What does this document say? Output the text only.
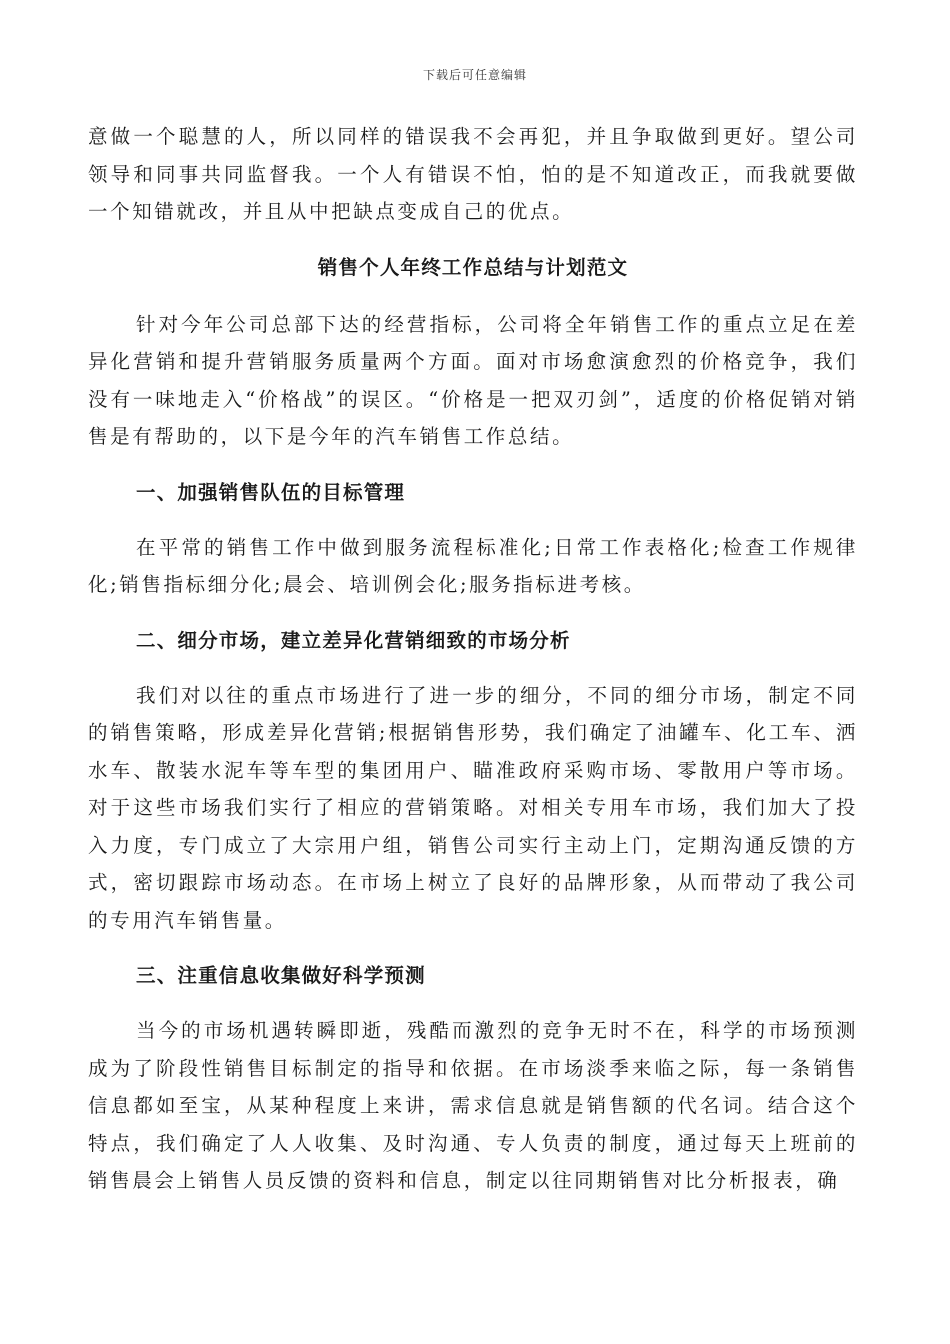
下载后可任意编辑

意做一个聪慧的人，所以同样的错误我不会再犯，并且争取做到更好。望公司领导和同事共同监督我。一个人有错误不怕，怕的是不知道改正，而我就要做一个知错就改，并且从中把缺点变成自己的优点。

销售个人年终工作总结与计划范文

针对今年公司总部下达的经营指标，公司将全年销售工作的重点立足在差异化营销和提升营销服务质量两个方面。面对市场愈演愈烈的价格竞争，我们没有一味地走入“价格战”的误区。“价格是一把双刃剑”，适度的价格促销对销售是有帮助的，以下是今年的汽车销售工作总结。

一、加强销售队伍的目标管理

在平常的销售工作中做到服务流程标准化;日常工作表格化;检查工作规律化;销售指标细分化;晨会、培训例会化;服务指标进考核。

二、细分市场，建立差异化营销细致的市场分析

我们对以往的重点市场进行了进一步的细分，不同的细分市场，制定不同的销售策略，形成差异化营销;根据销售形势，我们确定了油罐车、化工车、洒水车、散装水泥车等车型的集团用户、瞄准政府采购市场、零散用户等市场。对于这些市场我们实行了相应的营销策略。对相关专用车市场，我们加大了投入力度，专门成立了大宗用户组，销售公司实行主动上门，定期沟通反馈的方式，密切跟踪市场动态。在市场上树立了良好的品牌形象，从而带动了我公司的专用汽车销售量。

三、注重信息收集做好科学预测

当今的市场机遇转瞬即逝，残酷而激烈的竞争无时不在，科学的市场预测成为了阶段性销售目标制定的指导和依据。在市场淡季来临之际，每一条销售信息都如至宝，从某种程度上来讲，需求信息就是销售额的代名词。结合这个特点，我们确定了人人收集、及时沟通、专人负责的制度，通过每天上班前的销售晨会上销售人员反馈的资料和信息，制定以往同期销售对比分析报表，确
